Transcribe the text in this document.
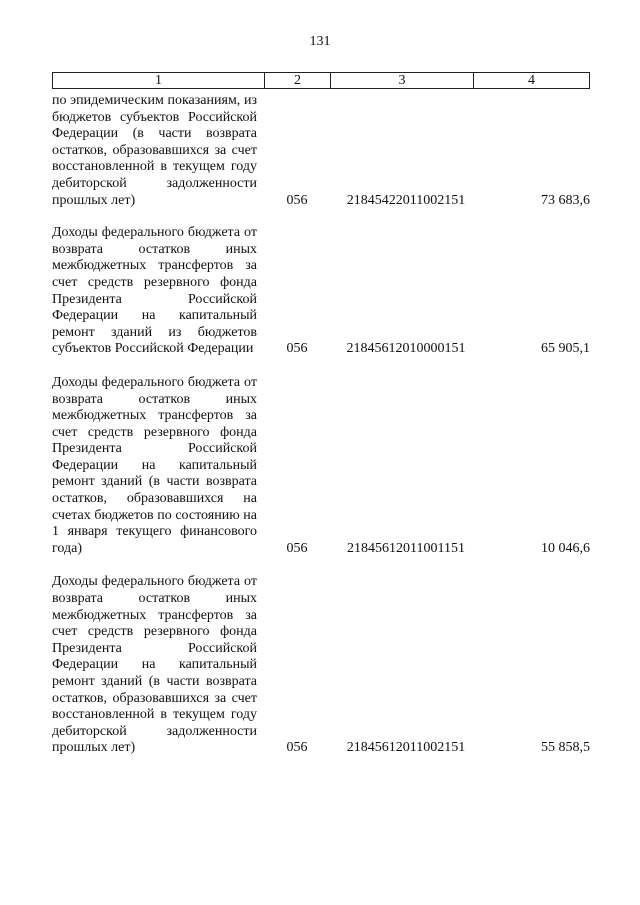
131
1	2	3	4
по эпидемическим показаниям, из бюджетов субъектов Российской Федерации (в части возврата остатков, образовавшихся за счет восстановленной в текущем году дебиторской задолженности прошлых лет)	056	21845422011002151	73 683,6
Доходы федерального бюджета от возврата остатков иных межбюджетных трансфертов за счет средств резервного фонда Президента Российской Федерации на капитальный ремонт зданий из бюджетов субъектов Российской Федерации	056	21845612010000151	65 905,1
Доходы федерального бюджета от возврата остатков иных межбюджетных трансфертов за счет средств резервного фонда Президента Российской Федерации на капитальный ремонт зданий (в части возврата остатков, образовавшихся на счетах бюджетов по состоянию на 1 января текущего финансового года)	056	21845612011001151	10 046,6
Доходы федерального бюджета от возврата остатков иных межбюджетных трансфертов за счет средств резервного фонда Президента Российской Федерации на капитальный ремонт зданий (в части возврата остатков, образовавшихся за счет восстановленной в текущем году дебиторской задолженности прошлых лет)	056	21845612011002151	55 858,5
